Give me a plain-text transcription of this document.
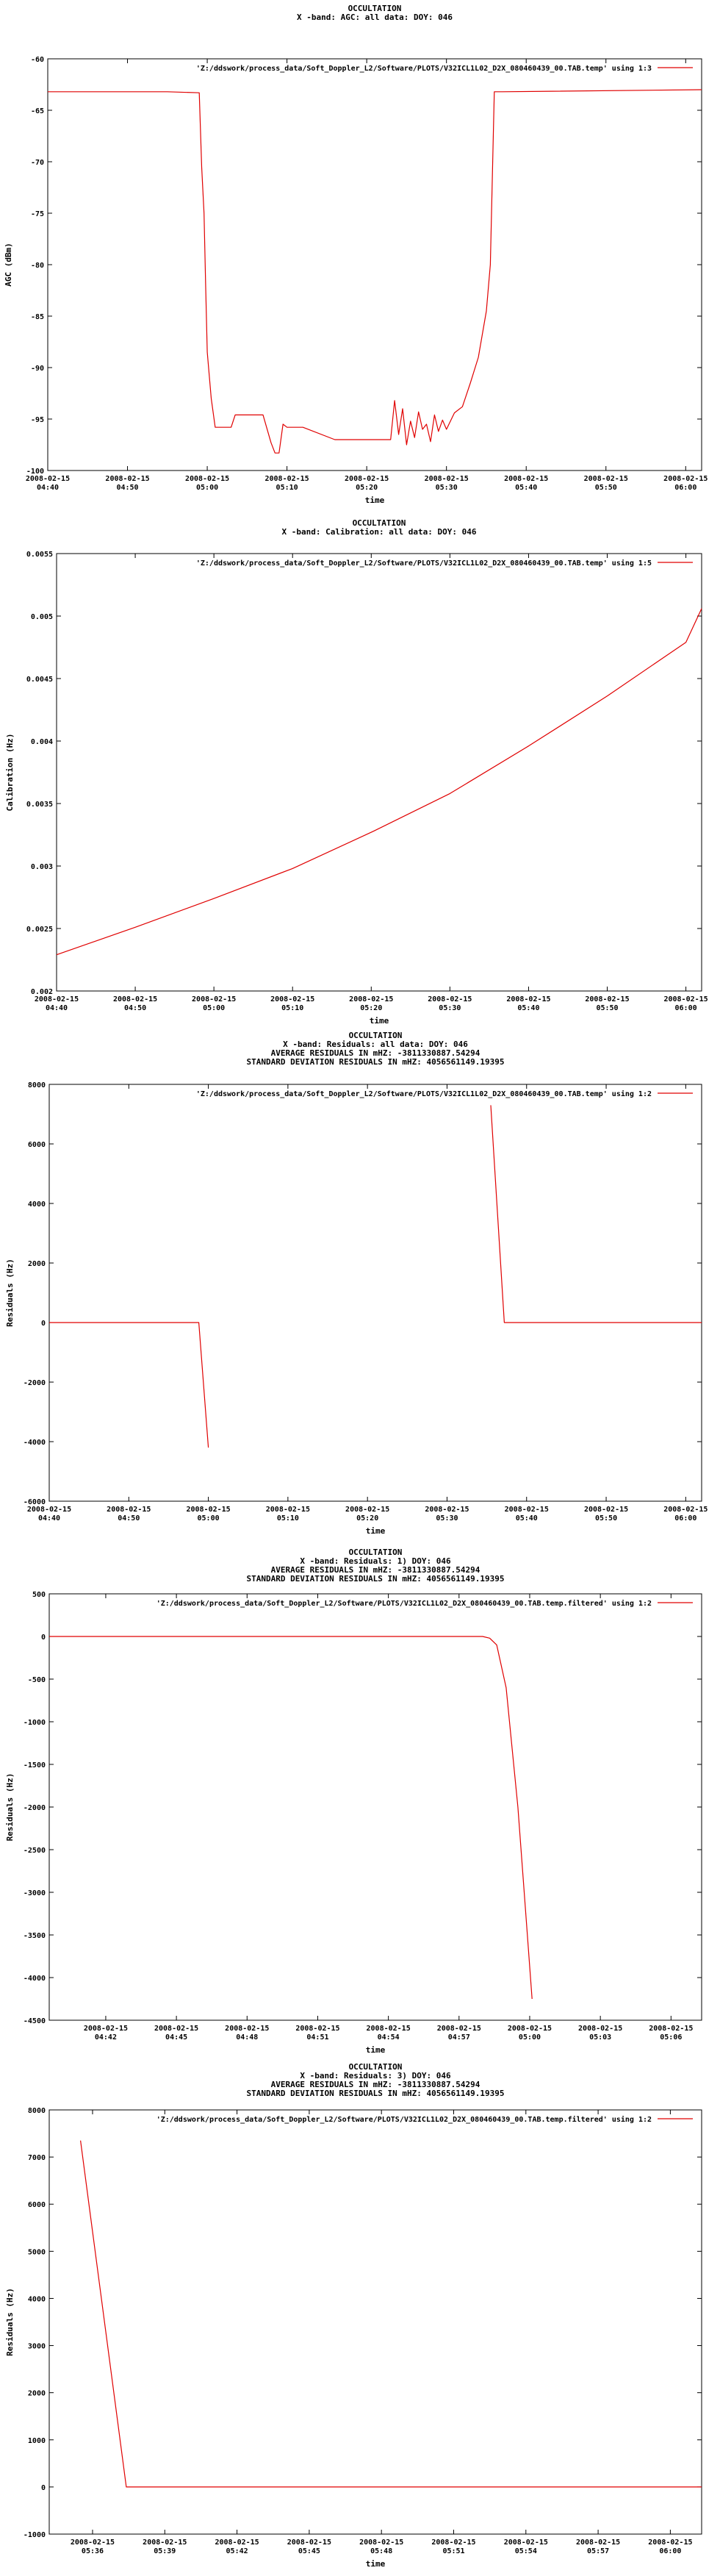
OCCULTATION
X -band: AGC: all data: DOY: 046
-60
-65
-70
-75
-80
-85
-90
-95
-100
2008-02-15
04:40
2008-02-15
04:50
2008-02-15
05:00
2008-02-15
05:10
2008-02-15
05:20
2008-02-15
05:30
2008-02-15
05:40
2008-02-15
05:50
2008-02-15
06:00
time
AGC (dBm)
'Z:/ddswork/process_data/Soft_Doppler_L2/Software/PLOTS/V32ICL1L02_D2X_080460439_00.TAB.temp' using 1:3
OCCULTATION
X -band: Calibration: all data: DOY: 046
0.0055
0.005
0.0045
0.004
0.0035
0.003
0.0025
0.002
2008-02-15
04:40
2008-02-15
04:50
2008-02-15
05:00
2008-02-15
05:10
2008-02-15
05:20
2008-02-15
05:30
2008-02-15
05:40
2008-02-15
05:50
2008-02-15
06:00
time
Calibration (Hz)
'Z:/ddswork/process_data/Soft_Doppler_L2/Software/PLOTS/V32ICL1L02_D2X_080460439_00.TAB.temp' using 1:5
OCCULTATION
X -band: Residuals: all data: DOY: 046
AVERAGE RESIDUALS IN mHZ: -3811330887.54294
STANDARD DEVIATION RESIDUALS IN mHZ: 4056561149.19395
8000
6000
4000
2000
0
-2000
-4000
-6000
2008-02-15
04:40
2008-02-15
04:50
2008-02-15
05:00
2008-02-15
05:10
2008-02-15
05:20
2008-02-15
05:30
2008-02-15
05:40
2008-02-15
05:50
2008-02-15
06:00
time
Residuals (Hz)
'Z:/ddswork/process_data/Soft_Doppler_L2/Software/PLOTS/V32ICL1L02_D2X_080460439_00.TAB.temp' using 1:2
OCCULTATION
X -band: Residuals: 1) DOY: 046
AVERAGE RESIDUALS IN mHZ: -3811330887.54294
STANDARD DEVIATION RESIDUALS IN mHZ: 4056561149.19395
500
0
-500
-1000
-1500
-2000
-2500
-3000
-3500
-4000
-4500
2008-02-15
04:42
2008-02-15
04:45
2008-02-15
04:48
2008-02-15
04:51
2008-02-15
04:54
2008-02-15
04:57
2008-02-15
05:00
2008-02-15
05:03
2008-02-15
05:06
time
Residuals (Hz)
'Z:/ddswork/process_data/Soft_Doppler_L2/Software/PLOTS/V32ICL1L02_D2X_080460439_00.TAB.temp.filtered' using 1:2
OCCULTATION
X -band: Residuals: 3) DOY: 046
AVERAGE RESIDUALS IN mHZ: -3811330887.54294
STANDARD DEVIATION RESIDUALS IN mHZ: 4056561149.19395
8000
7000
6000
5000
4000
3000
2000
1000
0
-1000
2008-02-15
05:36
2008-02-15
05:39
2008-02-15
05:42
2008-02-15
05:45
2008-02-15
05:48
2008-02-15
05:51
2008-02-15
05:54
2008-02-15
05:57
2008-02-15
06:00
time
Residuals (Hz)
'Z:/ddswork/process_data/Soft_Doppler_L2/Software/PLOTS/V32ICL1L02_D2X_080460439_00.TAB.temp.filtered' using 1:2
